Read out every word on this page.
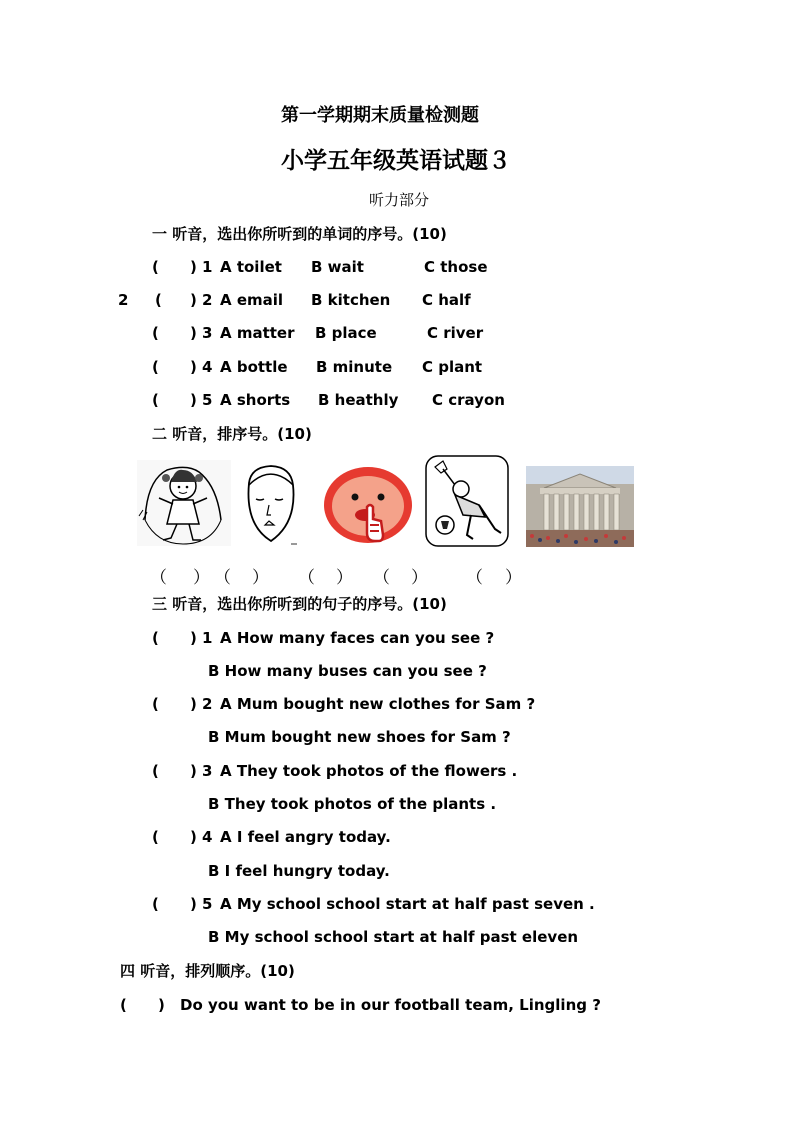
第一学期期末质量检测题
小学五年级英语试题３
听力部分
一 听音，选出你所听到的单词的序号。(10)
2
( ) 1 A toilet B wait	C those
( ) 2 A email B kitchen C half
( ) 3 A matter B place	C river
( ) 4 A bottle B minute C plant
( ) 5 A shorts B heathly C crayon
二 听音，排序号。(10)
（ ） （ ） （ ） （ ） （ ）
三 听音，选出你所听到的句子的序号。(10)
( ) 1 A How many faces can you see ?
B How many buses can you see ?
( ) 2 A Mum bought new clothes for Sam ?
B Mum bought new shoes for Sam ?
( ) 3 A They took photos of the flowers .
B They took photos of the plants .
( ) 4 A I feel angry today.
B I feel hungry today.
( ) 5 A My school school start at half past seven .
B My school school start at half past eleven
四 听音，排列顺序。(10)
( ) Do you want to be in our football team, Lingling ?
